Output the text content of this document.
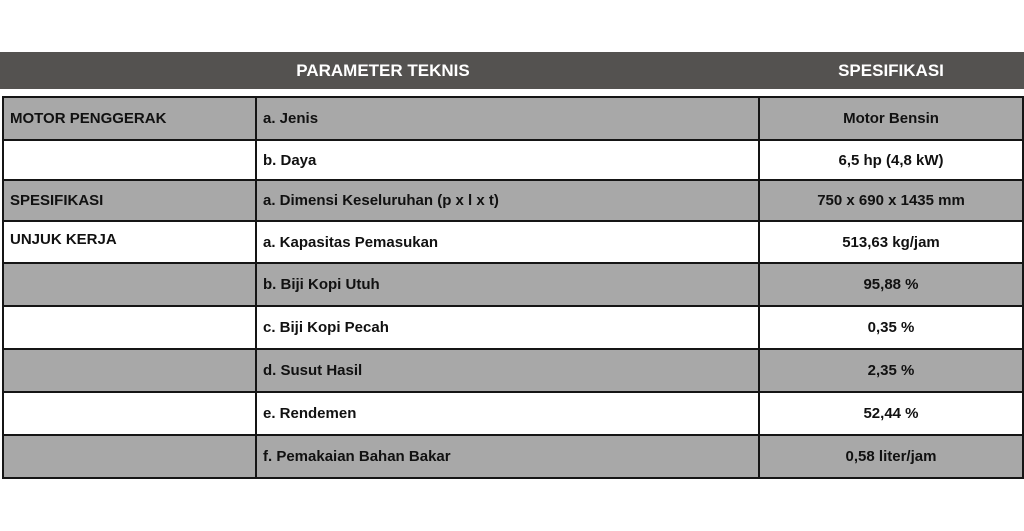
PARAMETER TEKNIS	SPESIFIKASI
MOTOR PENGGERAK	a. Jenis	Motor Bensin
	b. Daya	6,5 hp (4,8 kW)
SPESIFIKASI	a. Dimensi Keseluruhan (p x l x t)	750 x 690 x 1435 mm
UNJUK KERJA	a. Kapasitas Pemasukan	513,63 kg/jam
	b. Biji Kopi Utuh	95,88 %
	c. Biji Kopi Pecah	0,35 %
	d. Susut Hasil	2,35 %
	e. Rendemen	52,44 %
	f. Pemakaian Bahan Bakar	0,58 liter/jam
